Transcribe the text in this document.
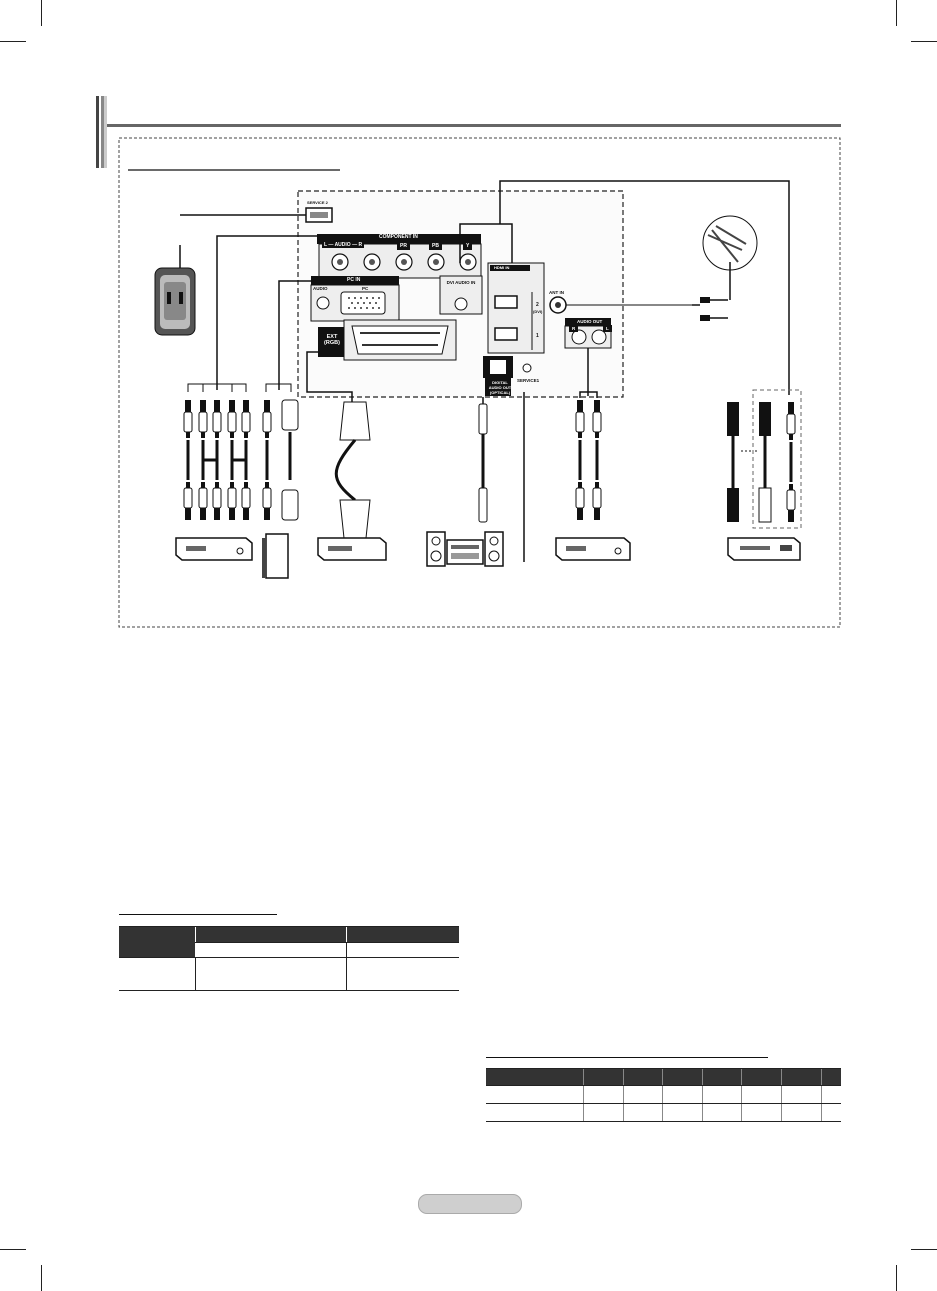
SERVICE 2
COMPONENT IN
L — AUDIO — R	PR	PB	Y
PC IN
AUDIO	PC
DVI AUDIO IN
HDMI IN
2
(DVI)
1
EXT (RGB)
ANT IN
AUDIO OUT
R	L
DIGITAL AUDIO OUT (OPTICAL)
SERVICE1
